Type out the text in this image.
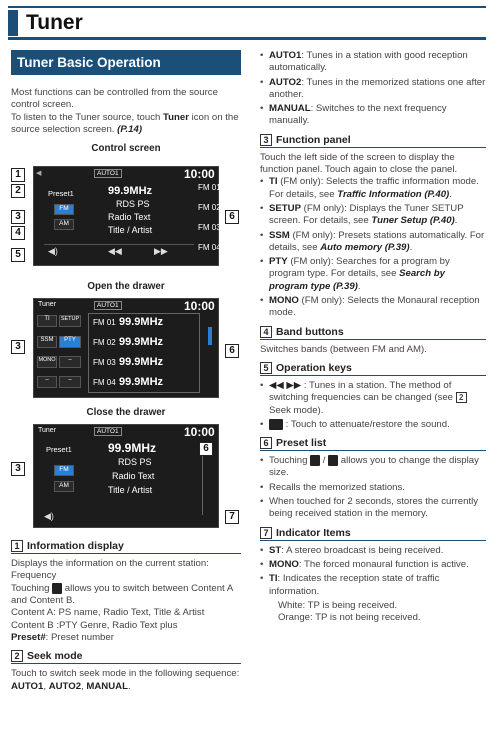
Tuner
Tuner Basic Operation

Most functions can be controlled from the source control screen.

To listen to the Tuner source, touch Tuner icon on the source selection screen. (P.14)

Control screen
◀	AUTO1	10:00
Preset1	99.9MHz
RDS PS
Radio Text
Title / Artist
FM
AM
FM 01
FM 02
FM 03
FM 04
◀)	◀◀	▶▶
1
2
3
4
5
6
Open the drawer
Tuner	AUTO1	10:00
TI	SETUP
SSM	PTY
MONO	–
–	–
FM 01 99.9MHz
FM 02 99.9MHz
FM 03 99.9MHz
FM 04 99.9MHz
3	6
Close the drawer
Tuner	AUTO1	10:00
Preset1	99.9MHz
RDS PS
Radio Text
Title / Artist
FM
AM
◀)
3
6
7
1 Information display

Displays the information on the current station: Frequency

Touching  allows you to switch between Content A and Content B.

Content A: PS name, Radio Text, Title & Artist

Content B :PTY Genre, Radio Text plus

Preset#: Preset number

2 Seek mode

Touch to switch seek mode in the following sequence: AUTO1, AUTO2, MANUAL.

• AUTO1: Tunes in a station with good reception automatically.
• AUTO2: Tunes in the memorized stations one after another.
• MANUAL: Switches to the next frequency manually.
3 Function panel

Touch the left side of the screen to display the function panel. Touch again to close the panel.

• TI (FM only): Selects the traffic information mode. For details, see Traffic Information (P.40).
• SETUP (FM only): Displays the Tuner SETUP screen. For details, see Tuner Setup (P.40).
• SSM (FM only): Presets stations automatically. For details, see Auto memory (P.39).
• PTY (FM only): Searches for a program by program type. For details, see Search by program type (P.39).
• MONO (FM only): Selects the Monaural reception mode.
4 Band buttons

Switches bands (between FM and AM).

5 Operation keys
• ◀◀ ▶▶ : Tunes in a station. The method of switching frequencies can be changed (see 2 Seek mode).
• : Touch to attenuate/restore the sound.
6 Preset list
• Touching  /  allows you to change the display size.
• Recalls the memorized stations.
• When touched for 2 seconds, stores the currently being received station in the memory.
7 Indicator Items
• ST: A stereo broadcast is being received.
• MONO: The forced monaural function is active.
• TI: Indicates the reception state of traffic information.

White: TP is being received.

Orange: TP is not being received.
